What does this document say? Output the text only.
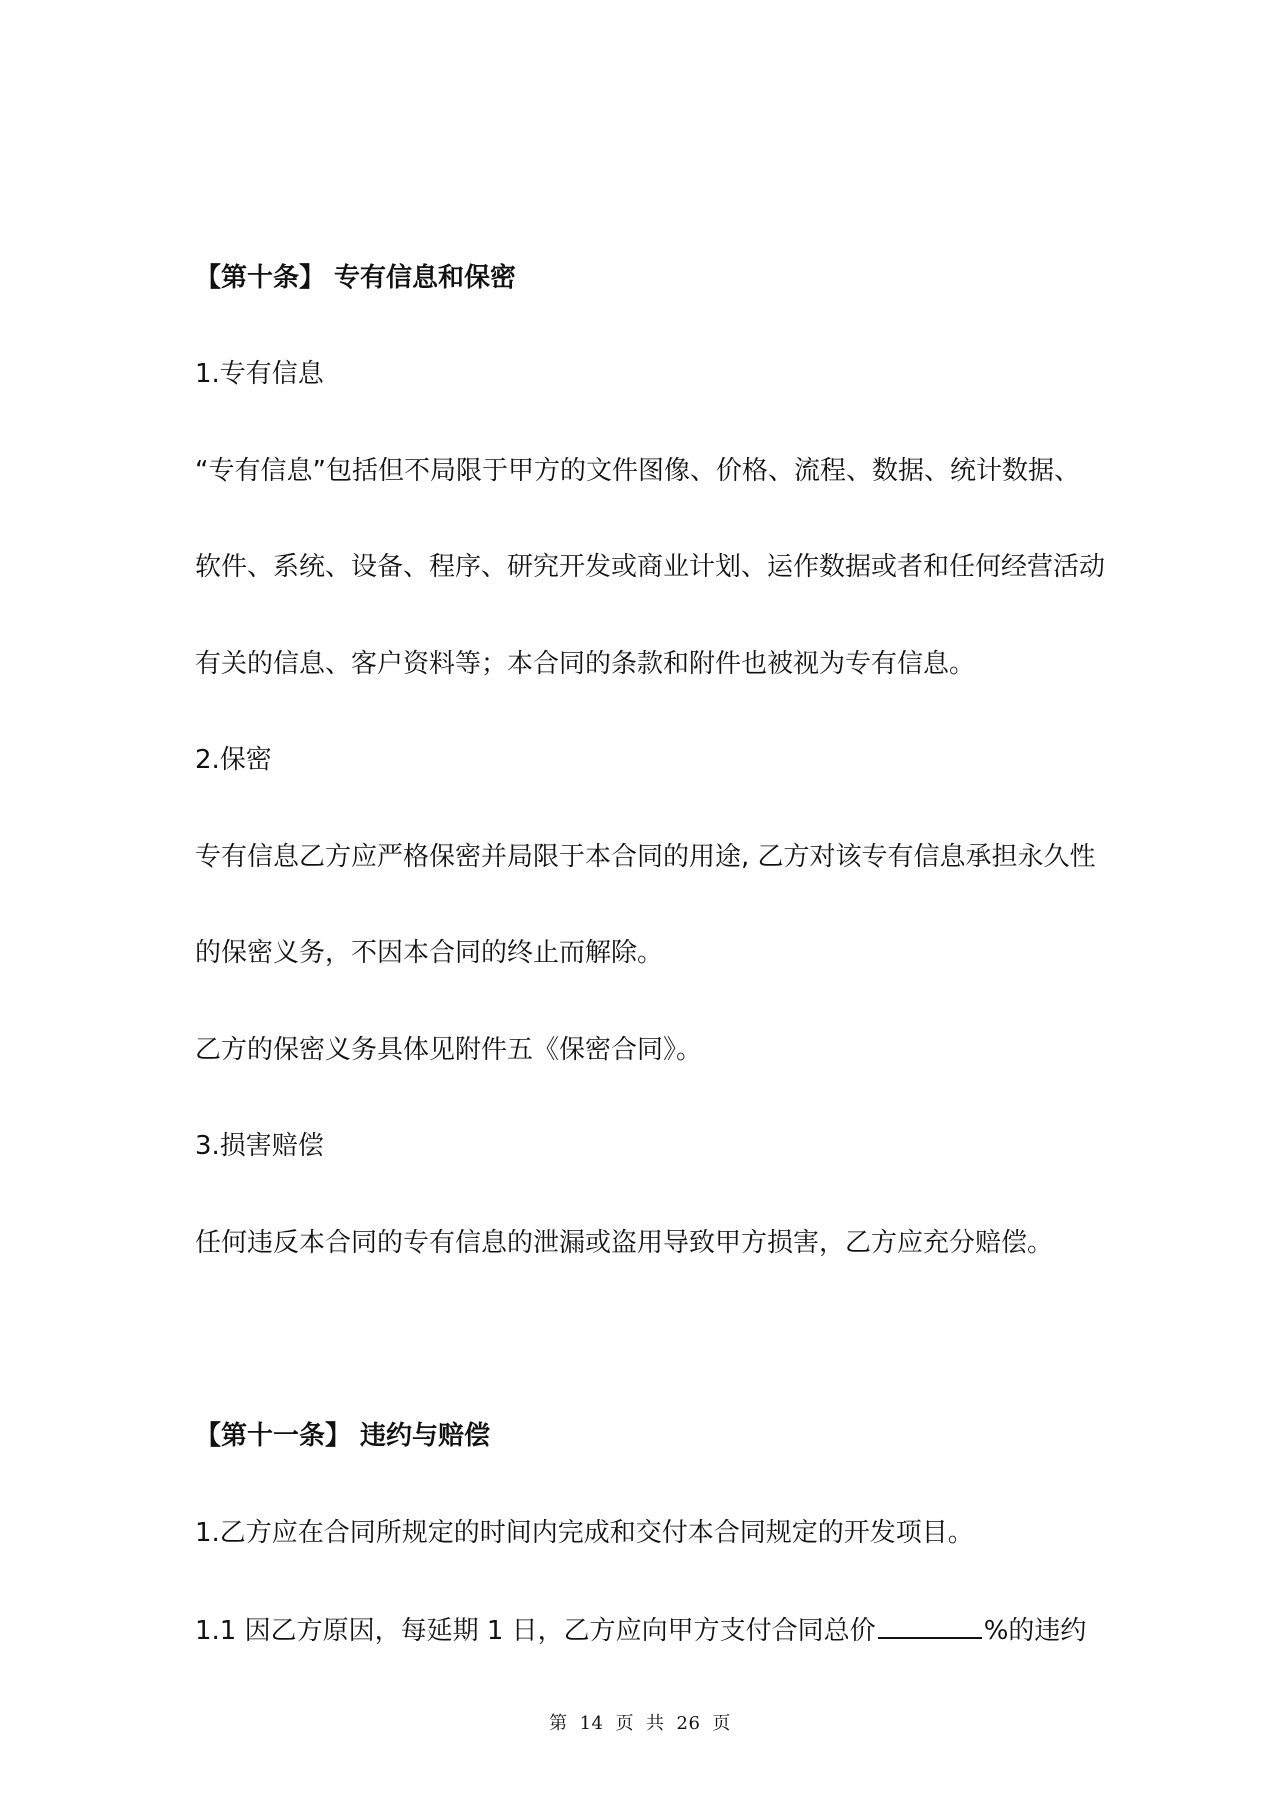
【第十条】 专有信息和保密
1.专有信息
“专有信息”包括但不局限于甲方的文件图像、价格、流程、数据、统计数据、
软件、系统、设备、程序、研究开发或商业计划、运作数据或者和任何经营活动
有关的信息、客户资料等；本合同的条款和附件也被视为专有信息。
2.保密
专有信息乙方应严格保密并局限于本合同的用途, 乙方对该专有信息承担永久性
的保密义务，不因本合同的终止而解除。
乙方的保密义务具体见附件五《保密合同》。
3.损害赔偿
任何违反本合同的专有信息的泄漏或盗用导致甲方损害，乙方应充分赔偿。
【第十一条】 违约与赔偿
1.乙方应在合同所规定的时间内完成和交付本合同规定的开发项目。
1.1 因乙方原因，每延期 1 日，乙方应向甲方支付合同总价	%的违约
第 14 页 共 26 页
